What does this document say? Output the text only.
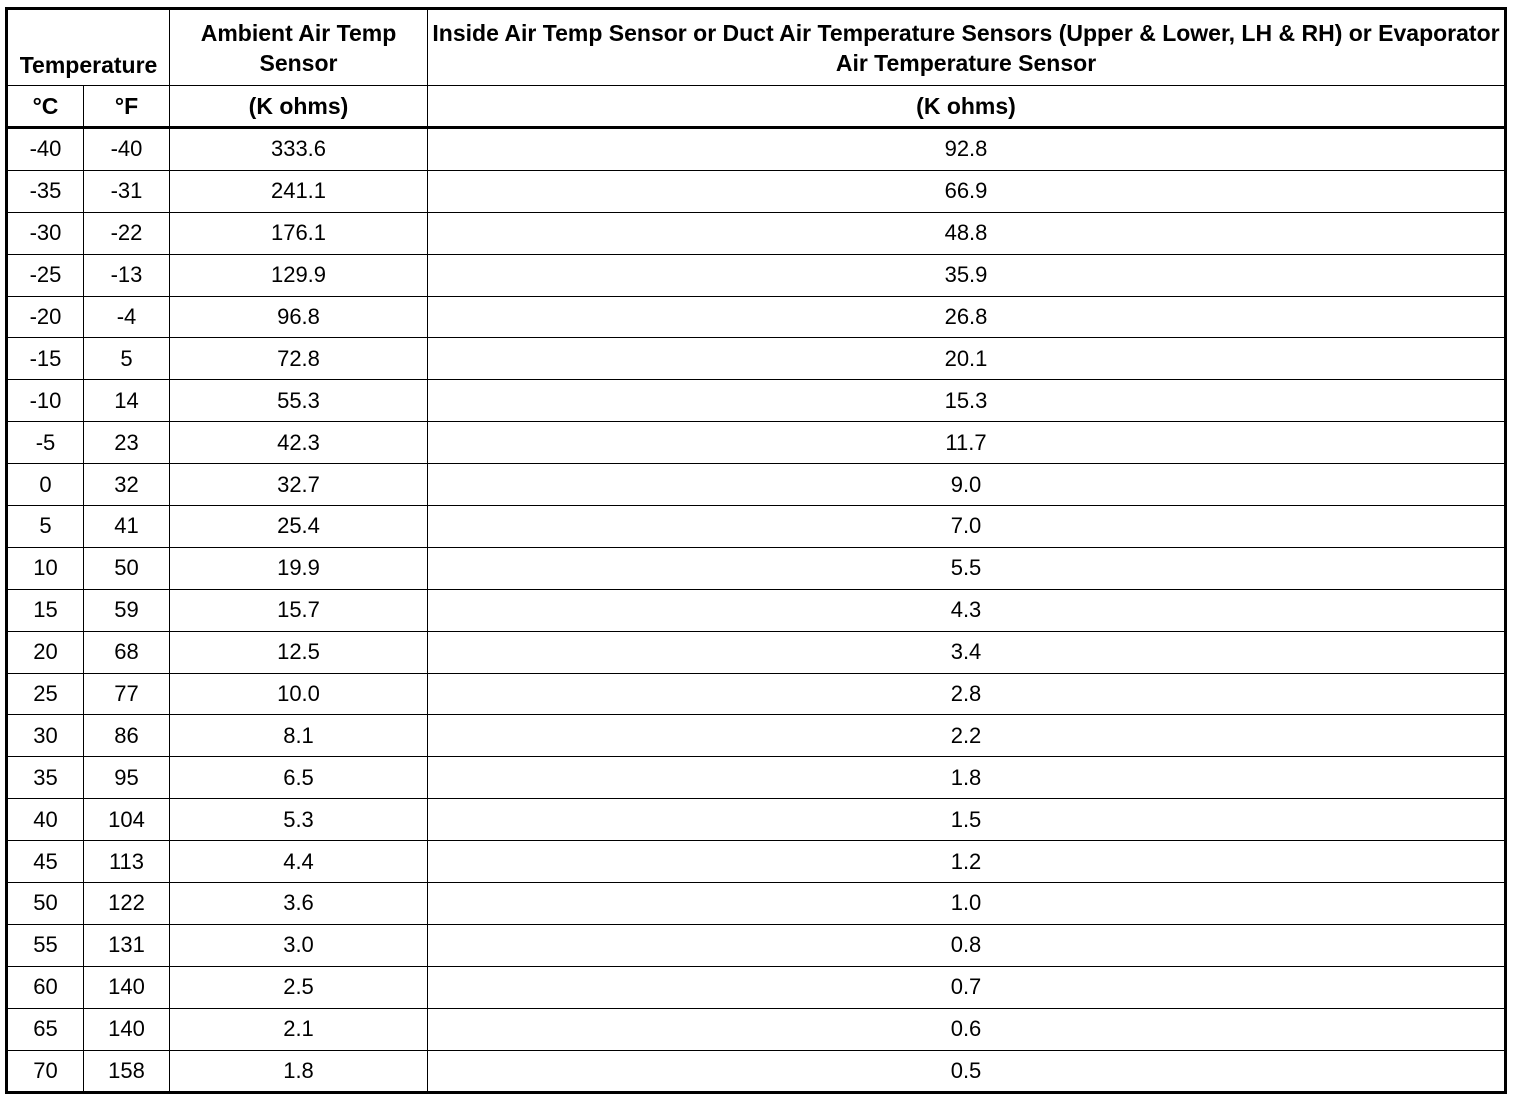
Temperature		Ambient Air Temp Sensor	Inside Air Temp Sensor or Duct Air Temperature Sensors (Upper & Lower, LH & RH) or Evaporator Air Temperature Sensor
°C	°F	(K ohms)	(K ohms)
-40	-40	333.6	92.8
-35	-31	241.1	66.9
-30	-22	176.1	48.8
-25	-13	129.9	35.9
-20	-4	96.8	26.8
-15	5	72.8	20.1
-10	14	55.3	15.3
-5	23	42.3	11.7
0	32	32.7	9.0
5	41	25.4	7.0
10	50	19.9	5.5
15	59	15.7	4.3
20	68	12.5	3.4
25	77	10.0	2.8
30	86	8.1	2.2
35	95	6.5	1.8
40	104	5.3	1.5
45	113	4.4	1.2
50	122	3.6	1.0
55	131	3.0	0.8
60	140	2.5	0.7
65	140	2.1	0.6
70	158	1.8	0.5
